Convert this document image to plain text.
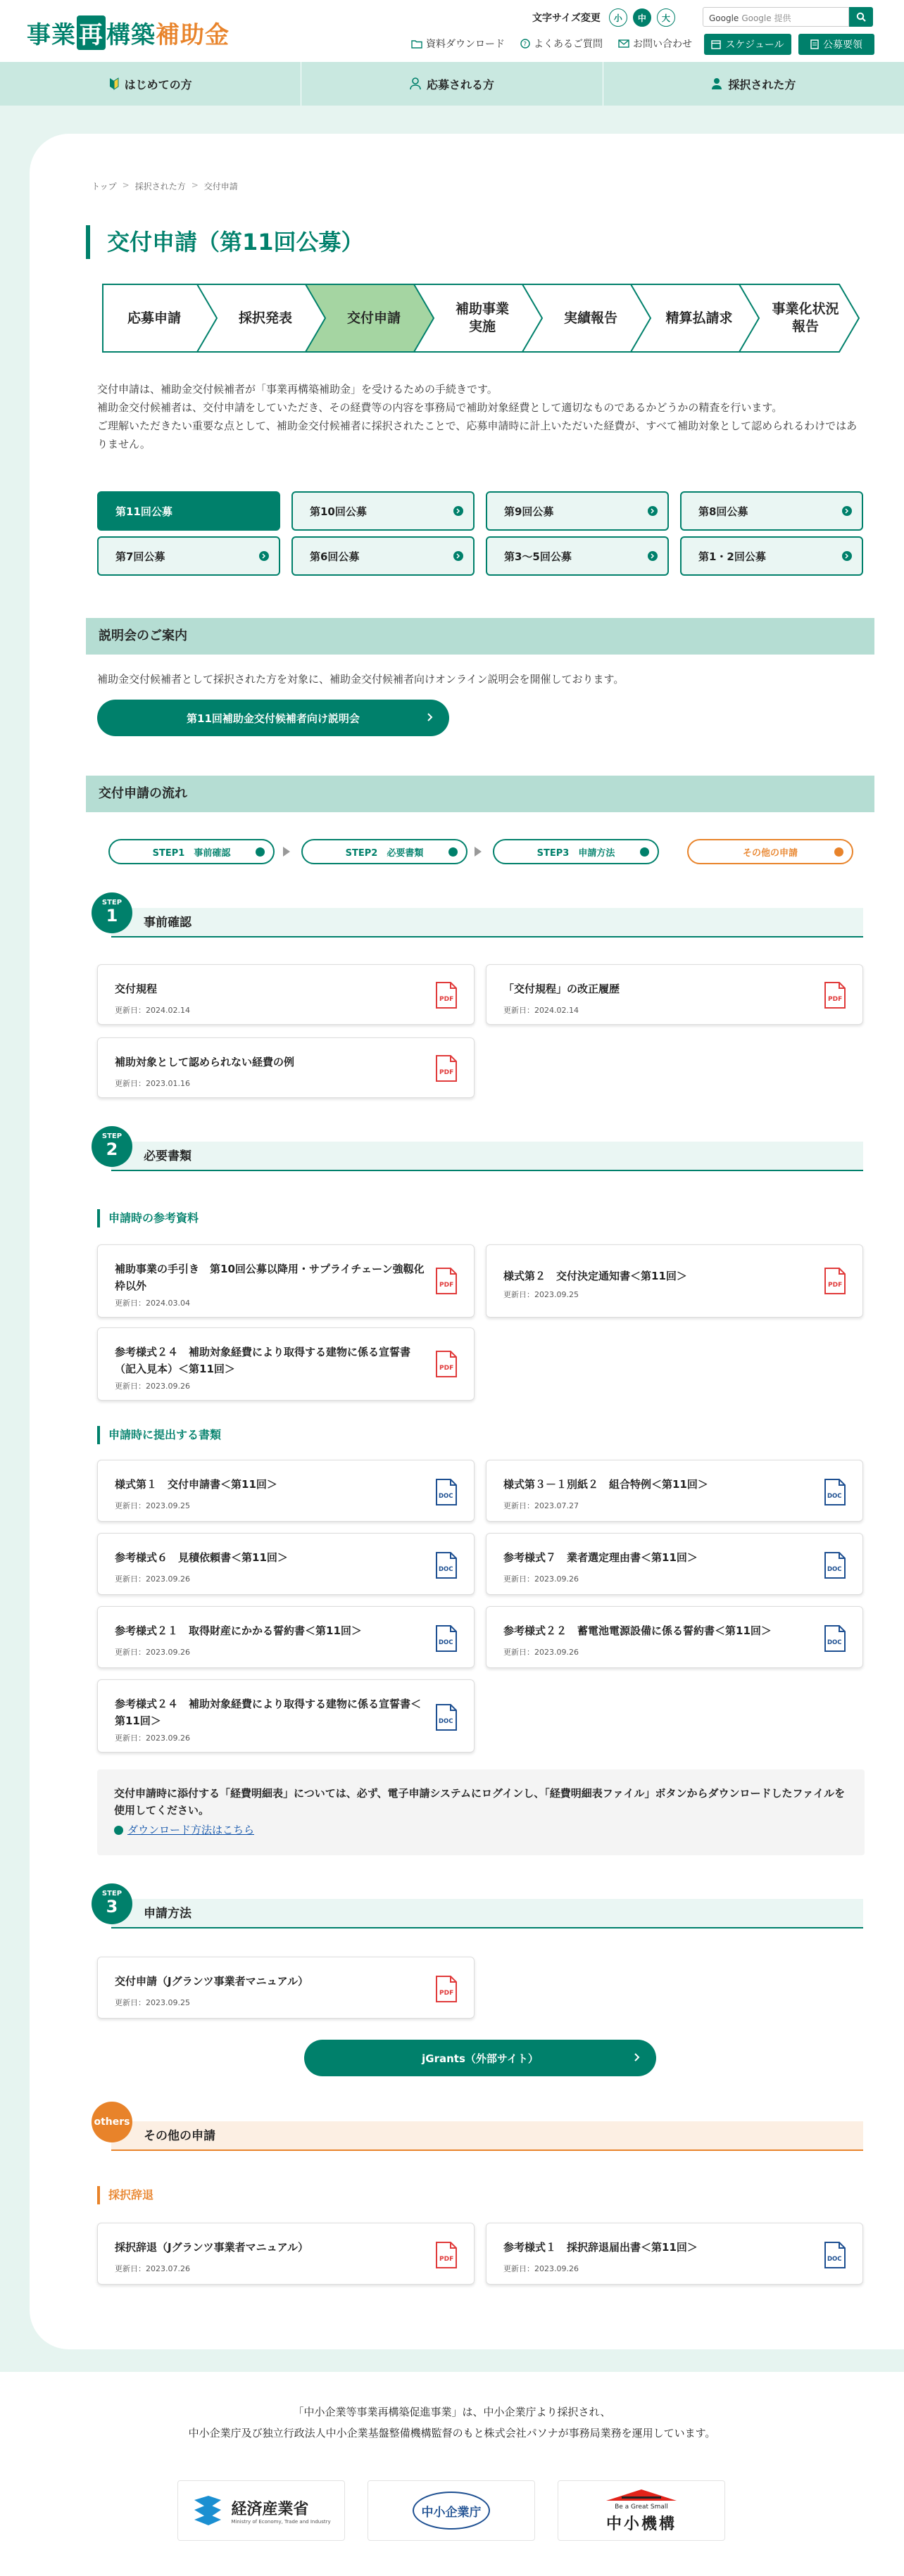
事業 再 構築補助金
文字サイズ変更	小	中	大	Google Google 提供
資料ダウンロード	? よくあるご質問	お問い合わせ	スケジュール	公募要領
はじめての方	応募される方	採択された方
トップ > 採択された方 > 交付申請
交付申請（第11回公募）
応募申請	採択発表	交付申請
補助事業
実施
実績報告	精算払請求
事業化状況
報告

交付申請は、補助金交付候補者が「事業再構築補助金」を受けるための手続きです。

補助金交付候補者は、交付申請をしていただき、その経費等の内容を事務局で補助対象経費として適切なものであるかどうかの精査を行います。

ご理解いただきたい重要な点として、補助金交付候補者に採択されたことで、応募申請時に計上いただいた経費が、すべて補助対象として認められるわけではありません。

第11回公募	第10回公募	第9回公募	第8回公募
第7回公募	第6回公募	第3〜5回公募	第1・2回公募
説明会のご案内

補助金交付候補者として採択された方を対象に、補助金交付候補者向けオンライン説明会を開催しております。

第11回補助金交付候補者向け説明会
交付申請の流れ
STEP1　事前確認	STEP2　必要書類	STEP3　申請方法	その他の申請
事前確認
STEP
1
交付規程
更新日：2024.02.14
PDF
「交付規程」の改正履歴
更新日：2024.02.14
PDF
補助対象として認められない経費の例
更新日：2023.01.16
PDF
必要書類
STEP
2
申請時の参考資料
補助事業の手引き　第10回公募以降用・サプライチェーン強靱化枠以外
更新日：2024.03.04
PDF
様式第２　交付決定通知書＜第11回＞
更新日：2023.09.25
PDF
参考様式２４　補助対象経費により取得する建物に係る宣誓書（記入見本）＜第11回＞
更新日：2023.09.26
PDF
申請時に提出する書類
様式第１　交付申請書＜第11回＞
更新日：2023.09.25
DOC
様式第３－１別紙２　組合特例＜第11回＞
更新日：2023.07.27
DOC
参考様式６　見積依頼書＜第11回＞
更新日：2023.09.26
DOC
参考様式７　業者選定理由書＜第11回＞
更新日：2023.09.26
DOC
参考様式２１　取得財産にかかる誓約書＜第11回＞
更新日：2023.09.26
DOC
参考様式２２　蓄電池電源設備に係る誓約書＜第11回＞
更新日：2023.09.26
DOC
参考様式２４　補助対象経費により取得する建物に係る宣誓書＜第11回＞
更新日：2023.09.26
DOC

交付申請時に添付する「経費明細表」については、必ず、電子申請システムにログインし、「経費明細表ファイル」ボタンからダウンロードしたファイルを使用してください。

ダウンロード方法はこちら
申請方法
STEP
3
交付申請（Jグランツ事業者マニュアル）
更新日：2023.09.25
PDF
jGrants（外部サイト）
その他の申請
others
採択辞退
採択辞退（Jグランツ事業者マニュアル）
更新日：2023.07.26
PDF
参考様式１　採択辞退届出書＜第11回＞
更新日：2023.09.26
DOC

「中小企業等事業再構築促進事業」は、中小企業庁より採択され、

中小企業庁及び独立行政法人中小企業基盤整備機構監督のもと株式会社パソナが事務局業務を運用しています。

経済産業省
Ministry of Economy, Trade and Industry
中小企業庁	Be a Great Small
中小機構
